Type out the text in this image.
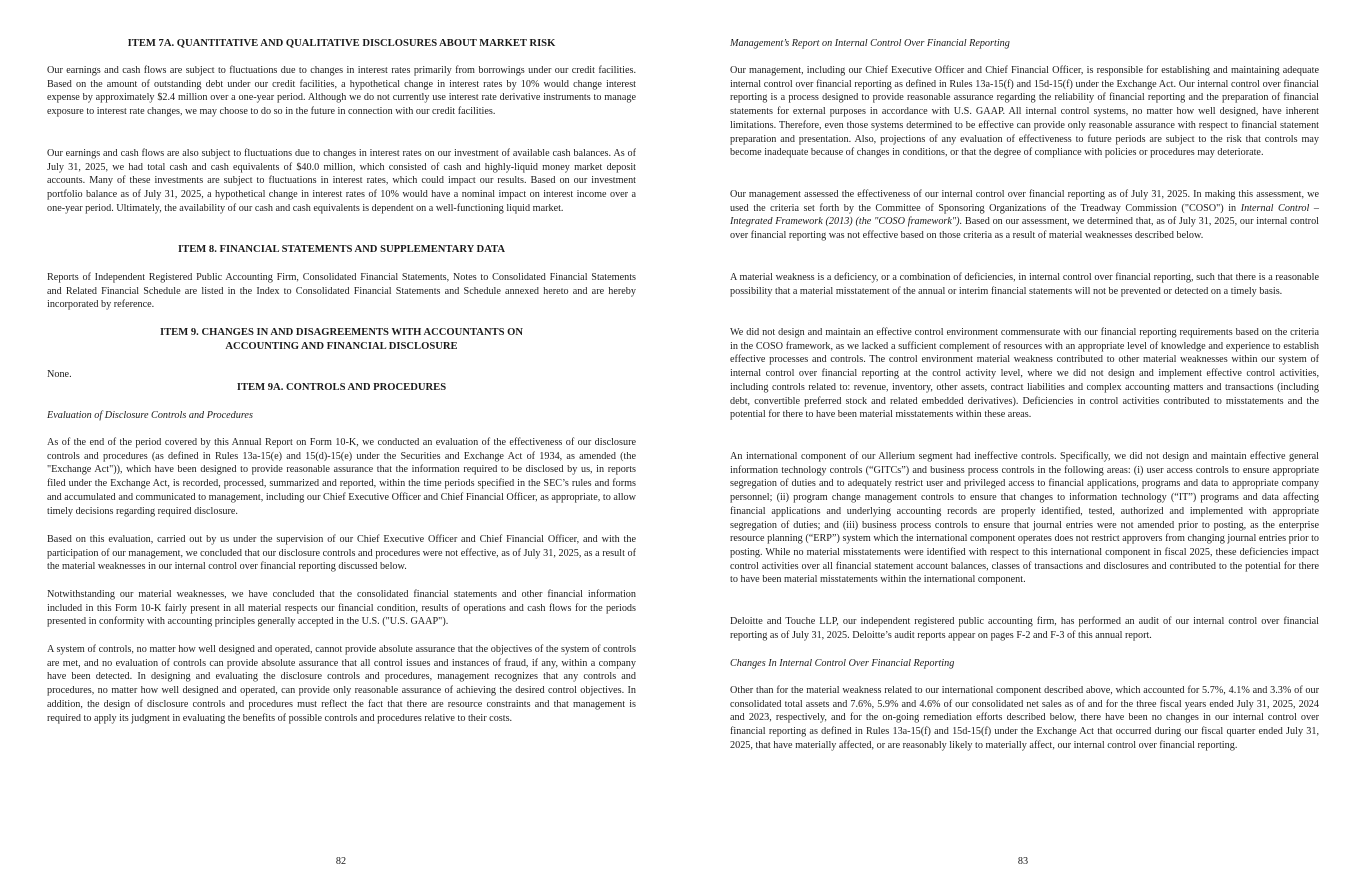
ITEM 7A. QUANTITATIVE AND QUALITATIVE DISCLOSURES ABOUT MARKET RISK

Our earnings and cash flows are subject to fluctuations due to changes in interest rates primarily from borrowings under our credit facilities. Based on the amount of outstanding debt under our credit facilities, a hypothetical change in interest rates by 10% would change interest expense by approximately $2.4 million over a one-year period. Although we do not currently use interest rate derivative instruments to manage exposure to interest rate changes, we may choose to do so in the future in connection with our credit facilities.

Our earnings and cash flows are also subject to fluctuations due to changes in interest rates on our investment of available cash balances. As of July 31, 2025, we had total cash and cash equivalents of $40.0 million, which consisted of cash and highly-liquid money market deposit accounts. Many of these investments are subject to fluctuations in interest rates, which could impact our results. Based on our investment portfolio balance as of July 31, 2025, a hypothetical change in interest rates of 10% would have a nominal impact on interest income over a one-year period. Ultimately, the availability of our cash and cash equivalents is dependent on a well-functioning liquid market.

ITEM 8. FINANCIAL STATEMENTS AND SUPPLEMENTARY DATA

Reports of Independent Registered Public Accounting Firm, Consolidated Financial Statements, Notes to Consolidated Financial Statements and Related Financial Schedule are listed in the Index to Consolidated Financial Statements and Schedule annexed hereto and are hereby incorporated by reference.

ITEM 9. CHANGES IN AND DISAGREEMENTS WITH ACCOUNTANTS ON
ACCOUNTING AND FINANCIAL DISCLOSURE

None.

ITEM 9A. CONTROLS AND PROCEDURES

Evaluation of Disclosure Controls and Procedures

As of the end of the period covered by this Annual Report on Form 10-K, we conducted an evaluation of the effectiveness of our disclosure controls and procedures (as defined in Rules 13a-15(e) and 15(d)-15(e) under the Securities and Exchange Act of 1934, as amended (the "Exchange Act")), which have been designed to provide reasonable assurance that the information required to be disclosed by us, in reports filed under the Exchange Act, is recorded, processed, summarized and reported, within the time periods specified in the SEC’s rules and forms and accumulated and communicated to management, including our Chief Executive Officer and Chief Financial Officer, as appropriate, to allow timely decisions regarding required disclosure.

Based on this evaluation, carried out by us under the supervision of our Chief Executive Officer and Chief Financial Officer, and with the participation of our management, we concluded that our disclosure controls and procedures were not effective, as of July 31, 2025, as a result of the material weaknesses in our internal control over financial reporting discussed below.

Notwithstanding our material weaknesses, we have concluded that the consolidated financial statements and other financial information included in this Form 10-K fairly present in all material respects our financial condition, results of operations and cash flows for the periods presented in conformity with accounting principles generally accepted in the U.S. ("U.S. GAAP").

A system of controls, no matter how well designed and operated, cannot provide absolute assurance that the objectives of the system of controls are met, and no evaluation of controls can provide absolute assurance that all control issues and instances of fraud, if any, within a company have been detected. In designing and evaluating the disclosure controls and procedures, management recognizes that any controls and procedures, no matter how well designed and operated, can provide only reasonable assurance of achieving the desired control objectives. In addition, the design of disclosure controls and procedures must reflect the fact that there are resource constraints and that management is required to apply its judgment in evaluating the benefits of possible controls and procedures relative to their costs.

82

Management’s Report on Internal Control Over Financial Reporting

Our management, including our Chief Executive Officer and Chief Financial Officer, is responsible for establishing and maintaining adequate internal control over financial reporting as defined in Rules 13a-15(f) and 15d-15(f) under the Exchange Act. Our internal control over financial reporting is a process designed to provide reasonable assurance regarding the reliability of financial reporting and the preparation of financial statements for external purposes in accordance with U.S. GAAP. All internal control systems, no matter how well designed, have inherent limitations. Therefore, even those systems determined to be effective can provide only reasonable assurance with respect to financial statement preparation and presentation. Also, projections of any evaluation of effectiveness to future periods are subject to the risk that controls may become inadequate because of changes in conditions, or that the degree of compliance with policies or procedures may deteriorate.

Our management assessed the effectiveness of our internal control over financial reporting as of July 31, 2025. In making this assessment, we used the criteria set forth by the Committee of Sponsoring Organizations of the Treadway Commission ("COSO") in Internal Control – Integrated Framework (2013) (the "COSO framework"). Based on our assessment, we determined that, as of July 31, 2025, our internal control over financial reporting was not effective based on those criteria as a result of material weaknesses described below.

A material weakness is a deficiency, or a combination of deficiencies, in internal control over financial reporting, such that there is a reasonable possibility that a material misstatement of the annual or interim financial statements will not be prevented or detected on a timely basis.

We did not design and maintain an effective control environment commensurate with our financial reporting requirements based on the criteria in the COSO framework, as we lacked a sufficient complement of resources with an appropriate level of knowledge and experience to establish effective processes and controls. The control environment material weakness contributed to other material weaknesses within our system of internal control over financial reporting at the control activity level, where we did not design and implement effective control activities, including controls related to: revenue, inventory, other assets, contract liabilities and complex accounting matters and transactions (including debt, convertible preferred stock and related embedded derivatives). Deficiencies in control activities contributed to misstatements and the potential for there to have been material misstatements within these areas.

An international component of our Allerium segment had ineffective controls. Specifically, we did not design and maintain effective general information technology controls (“GITCs”) and business process controls in the following areas: (i) user access controls to ensure appropriate segregation of duties and to adequately restrict user and privileged access to financial applications, programs and data to appropriate company personnel; (ii) program change management controls to ensure that changes to information technology (“IT”) programs and data affecting financial applications and underlying accounting records are properly identified, tested, authorized and implemented with appropriate segregation of duties; and (iii) business process controls to ensure that journal entries were not amended prior to posting, as the enterprise resource planning (“ERP”) system which the international component operates does not restrict approvers from changing journal entries prior to posting. While no material misstatements were identified with respect to this international component in fiscal 2025, these deficiencies impact control activities over all financial statement account balances, classes of transactions and disclosures and contributed to the potential for there to have been material misstatements within the international component.

Deloitte and Touche LLP, our independent registered public accounting firm, has performed an audit of our internal control over financial reporting as of July 31, 2025. Deloitte’s audit reports appear on pages F-2 and F-3 of this annual report.

Changes In Internal Control Over Financial Reporting

Other than for the material weakness related to our international component described above, which accounted for 5.7%, 4.1% and 3.3% of our consolidated total assets and 7.6%, 5.9% and 4.6% of our consolidated net sales as of and for the three fiscal years ended July 31, 2025, 2024 and 2023, respectively, and for the on-going remediation efforts described below, there have been no changes in our internal control over financial reporting as defined in Rules 13a-15(f) and 15d-15(f) under the Exchange Act that occurred during our fiscal quarter ended July 31, 2025, that have materially affected, or are reasonably likely to materially affect, our internal control over financial reporting.

83
